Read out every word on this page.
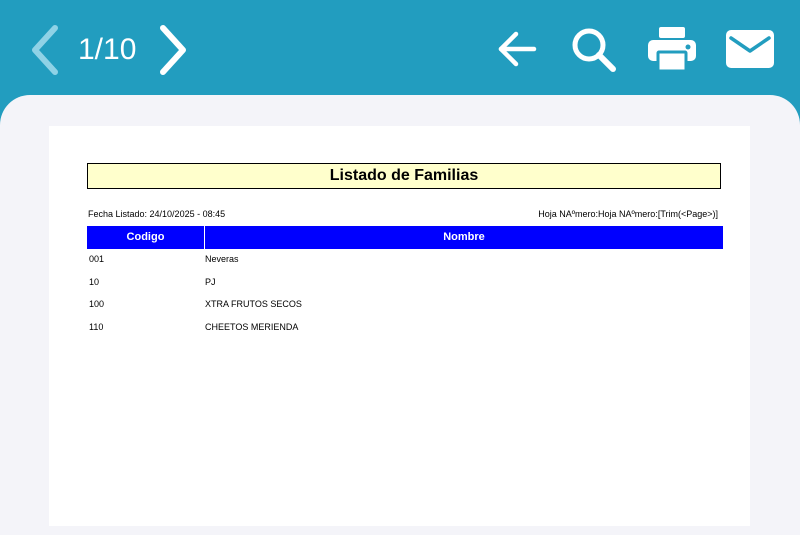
1/10
Listado de Familias
Fecha Listado: 24/10/2025 - 08:45	Hoja NAºmero:Hoja NAºmero:[Trim(<Page>)]
Codigo	Nombre
001	Neveras
10	PJ
100	XTRA FRUTOS SECOS
110	CHEETOS MERIENDA
